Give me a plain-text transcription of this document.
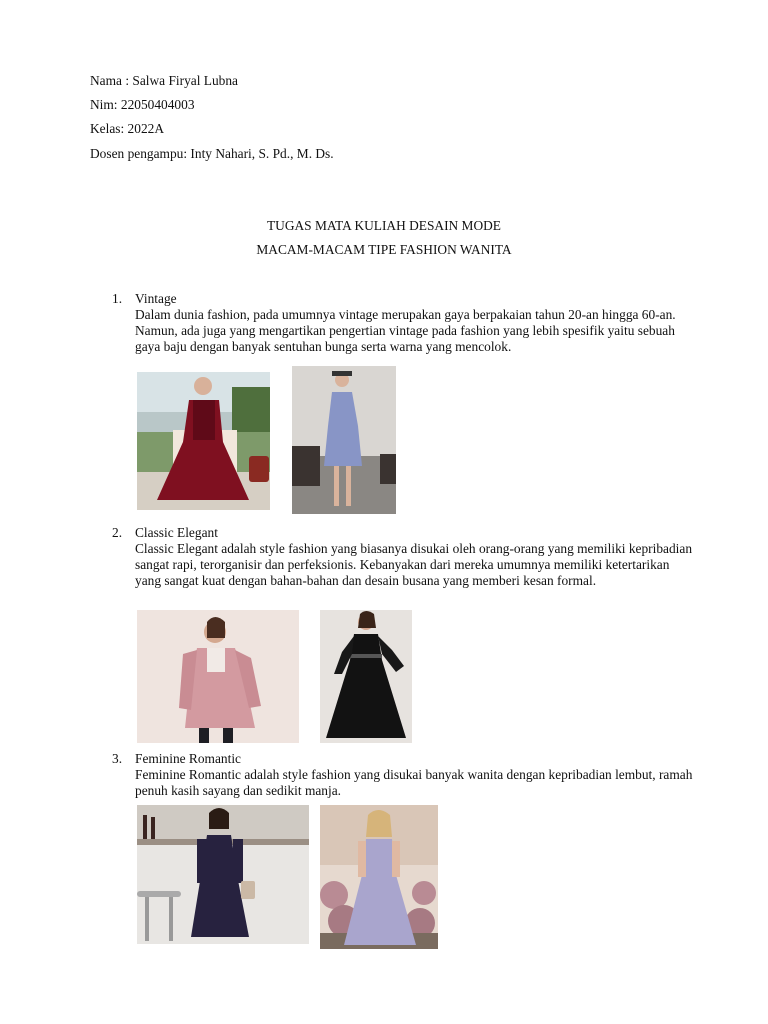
Nama : Salwa Firyal Lubna
Nim: 22050404003
Kelas: 2022A
Dosen pengampu: Inty Nahari, S. Pd., M. Ds.
TUGAS MATA KULIAH DESAIN MODE
MACAM-MACAM TIPE FASHION WANITA
1. Vintage

Dalam dunia fashion, pada umumnya vintage merupakan gaya berpakaian tahun 20-an hingga 60-an. Namun, ada juga yang mengartikan pengertian vintage pada fashion yang lebih spesifik yaitu sebuah gaya baju dengan banyak sentuhan bunga serta warna yang mencolok.

2. Classic Elegant

Classic Elegant adalah style fashion yang biasanya disukai oleh orang-orang yang memiliki kepribadian sangat rapi, terorganisir dan perfeksionis. Kebanyakan dari mereka umumnya memiliki ketertarikan yang sangat kuat dengan bahan-bahan dan desain busana yang memberi kesan formal.

3. Feminine Romantic

Feminine Romantic adalah style fashion yang disukai banyak wanita dengan kepribadian lembut, ramah penuh kasih sayang dan sedikit manja.
